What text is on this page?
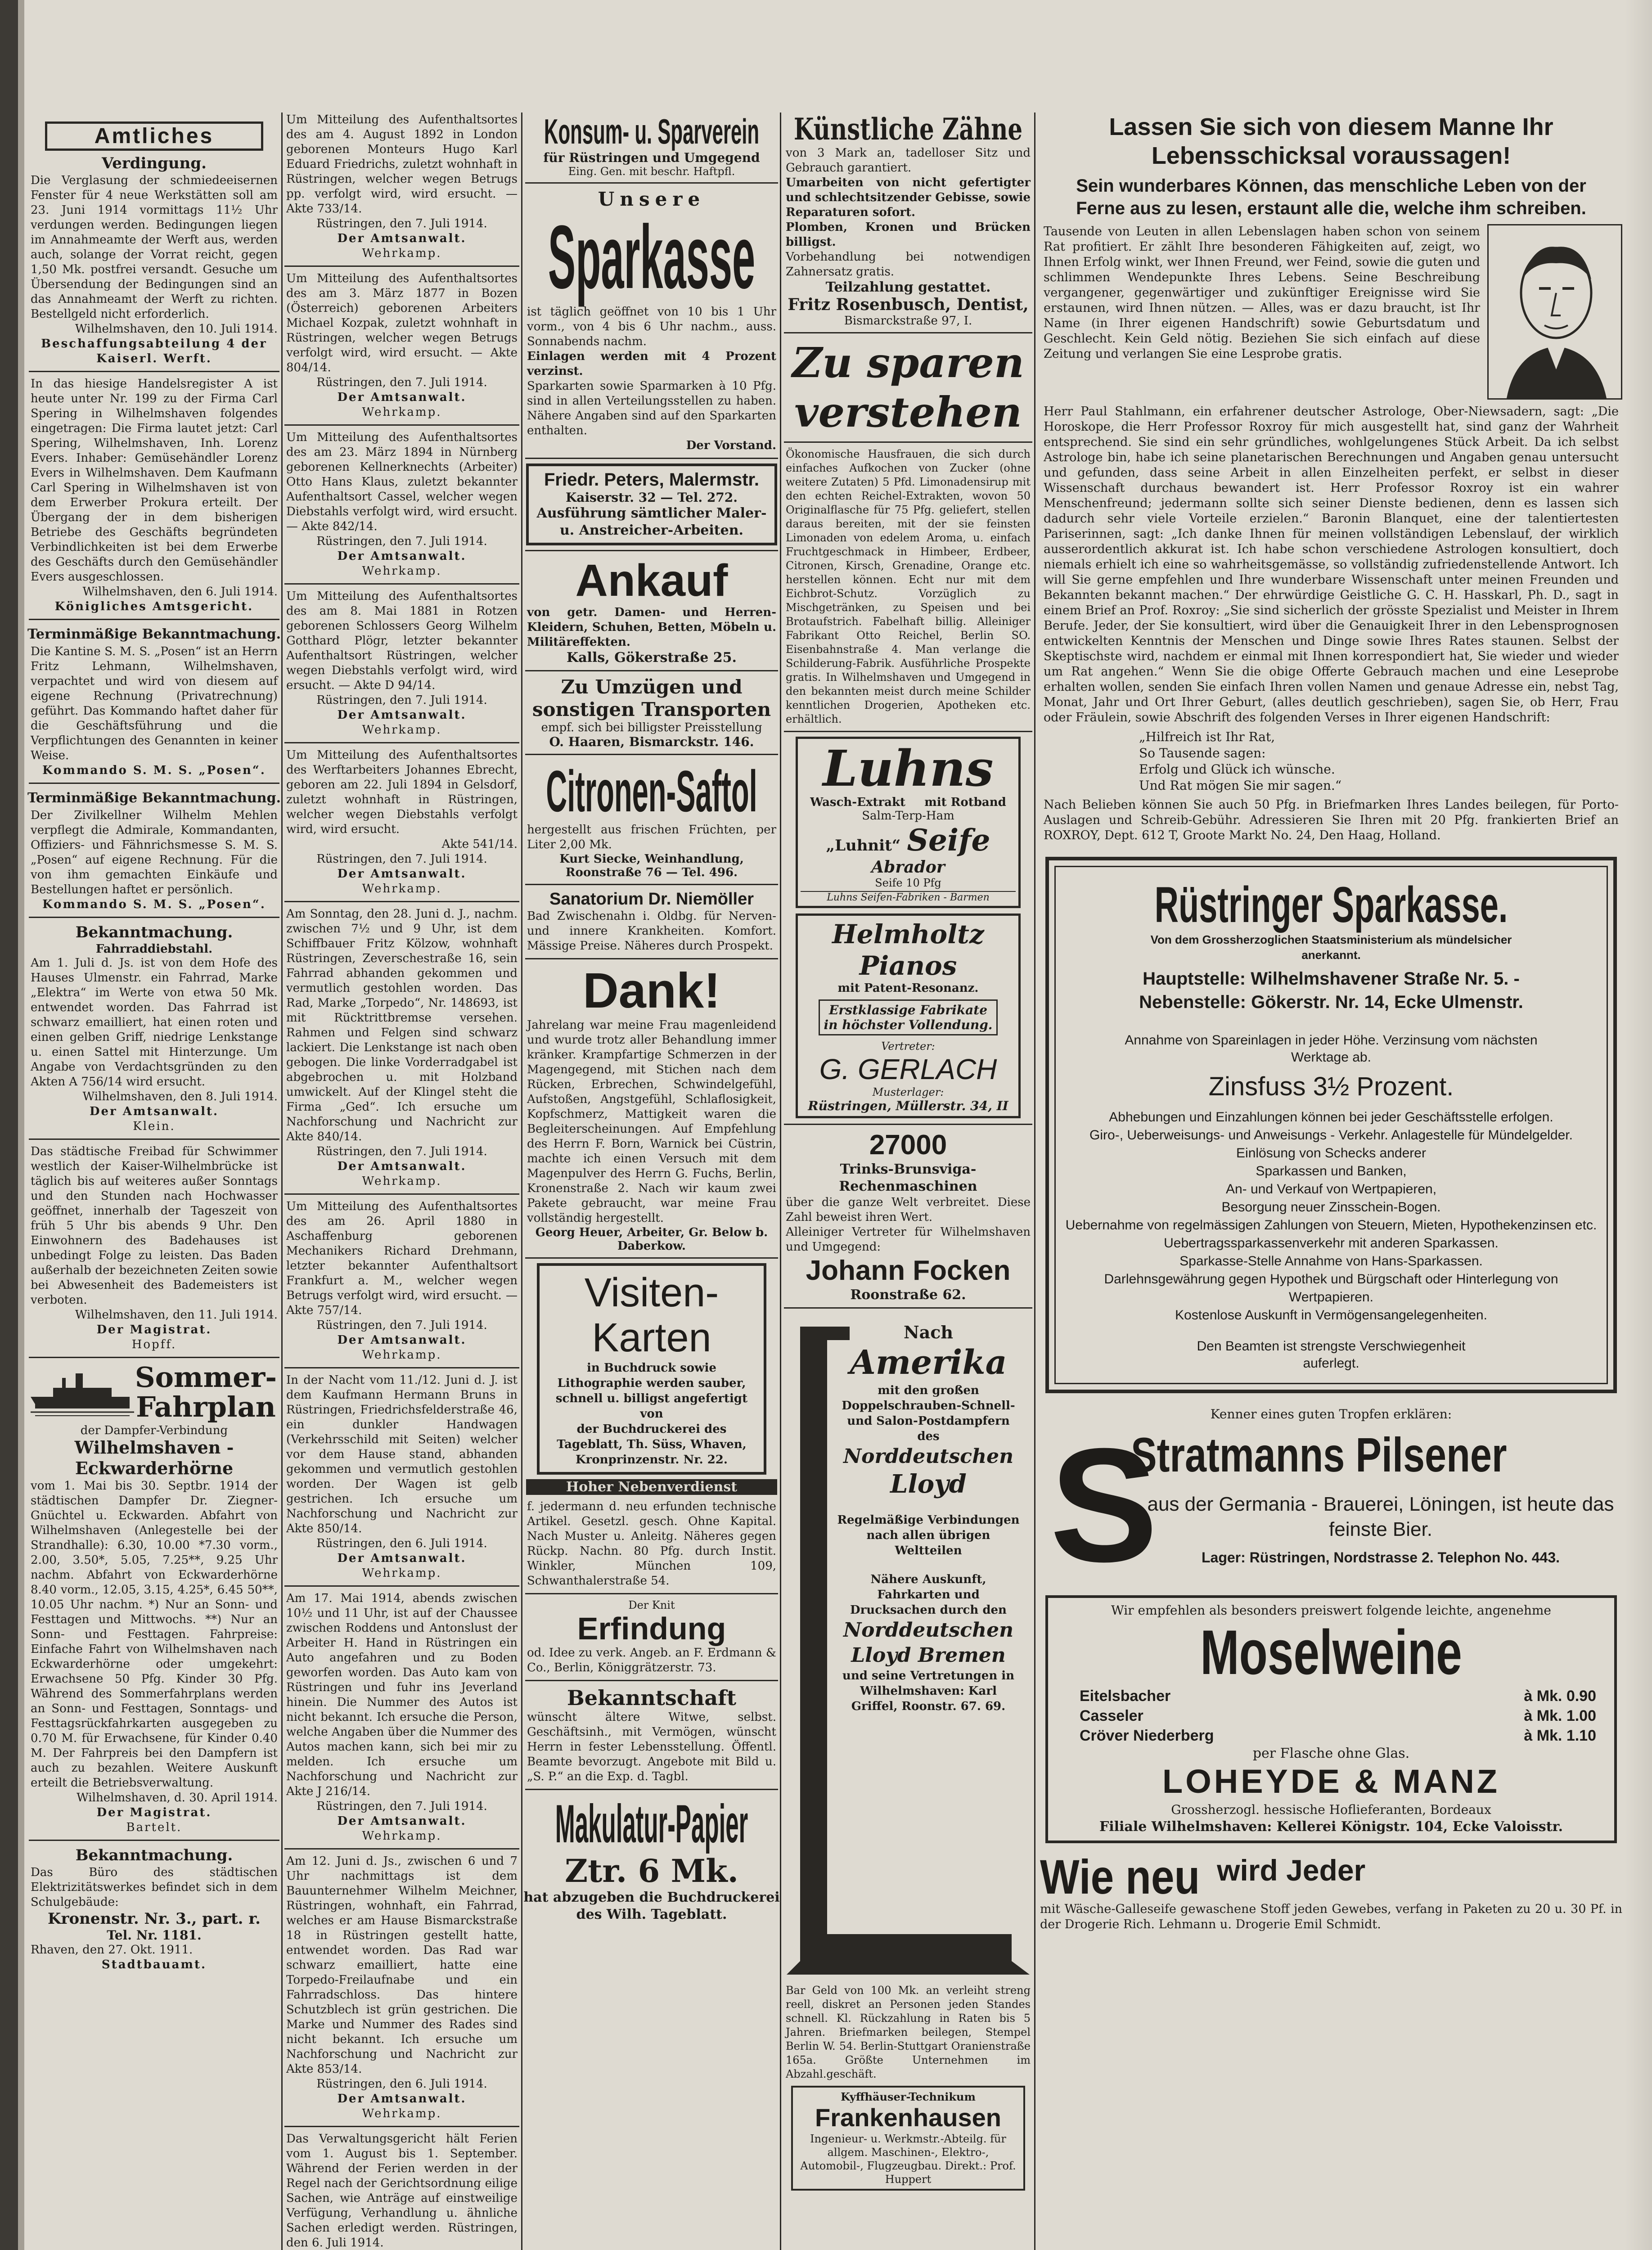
Amtliches
Verdingung.
Die Verglasung der schmiedeeisernen Fenster für 4 neue Werkstätten soll am 23. Juni 1914 vormittags 11½ Uhr verdungen werden. Bedingungen liegen im Annahmeamte der Werft aus, werden auch, solange der Vorrat reicht, gegen 1,50 Mk. postfrei versandt. Gesuche um Übersendung der Bedingungen sind an das Annahmeamt der Werft zu richten. Bestellgeld nicht erforderlich.
Wilhelmshaven, den 10. Juli 1914.
Beschaffungsabteilung 4 der Kaiserl. Werft.
In das hiesige Handelsregister A ist heute unter Nr. 199 zu der Firma Carl Spering in Wilhelmshaven folgendes eingetragen: Die Firma lautet jetzt: Carl Spering, Wilhelmshaven, Inh. Lorenz Evers. Inhaber: Gemüsehändler Lorenz Evers in Wilhelmshaven. Dem Kaufmann Carl Spering in Wilhelmshaven ist von dem Erwerber Prokura erteilt. Der Übergang der in dem bisherigen Betriebe des Geschäfts begründeten Verbindlichkeiten ist bei dem Erwerbe des Geschäfts durch den Gemüsehändler Evers ausgeschlossen.
Wilhelmshaven, den 6. Juli 1914.
Königliches Amtsgericht.
Terminmäßige Bekanntmachung.
Die Kantine S. M. S. „Posen“ ist an Herrn Fritz Lehmann, Wilhelmshaven, verpachtet und wird von diesem auf eigene Rechnung (Privatrechnung) geführt. Das Kommando haftet daher für die Geschäftsführung und die Verpflichtungen des Genannten in keiner Weise.
Kommando S. M. S. „Posen“.
Terminmäßige Bekanntmachung.
Der Zivilkellner Wilhelm Mehlen verpflegt die Admirale, Kommandanten, Offiziers- und Fähnrichsmesse S. M. S. „Posen“ auf eigene Rechnung. Für die von ihm gemachten Einkäufe und Bestellungen haftet er persönlich.
Kommando S. M. S. „Posen“.
Bekanntmachung.
Fahrraddiebstahl.
Am 1. Juli d. Js. ist von dem Hofe des Hauses Ulmenstr. ein Fahrrad, Marke „Elektra“ im Werte von etwa 50 Mk. entwendet worden. Das Fahrrad ist schwarz emailliert, hat einen roten und einen gelben Griff, niedrige Lenkstange u. einen Sattel mit Hinterzunge. Um Angabe von Verdachtsgründen zu den Akten A 756/14 wird ersucht.
Wilhelmshaven, den 8. Juli 1914.
Der Amtsanwalt.
Klein.
Das städtische Freibad für Schwimmer westlich der Kaiser-Wilhelmbrücke ist täglich bis auf weiteres außer Sonntags und den Stunden nach Hochwasser geöffnet, innerhalb der Tageszeit von früh 5 Uhr bis abends 9 Uhr. Den Einwohnern des Badehauses ist unbedingt Folge zu leisten. Das Baden außerhalb der bezeichneten Zeiten sowie bei Abwesenheit des Bademeisters ist verboten.
Wilhelmshaven, den 11. Juli 1914.
Der Magistrat.
Hopff.
Sommer-Fahrplan
der Dampfer-Verbindung
Wilhelmshaven - Eckwarderhörne
vom 1. Mai bis 30. Septbr. 1914 der städtischen Dampfer Dr. Ziegner-Gnüchtel u. Eckwarden. Abfahrt von Wilhelmshaven (Anlegestelle bei der Strandhalle): 6.30, 10.00 *7.30 vorm., 2.00, 3.50*, 5.05, 7.25**, 9.25 Uhr nachm. Abfahrt von Eckwarderhörne 8.40 vorm., 12.05, 3.15, 4.25*, 6.45 50**, 10.05 Uhr nachm. *) Nur an Sonn- und Festtagen und Mittwochs. **) Nur an Sonn- und Festtagen. Fahrpreise: Einfache Fahrt von Wilhelmshaven nach Eckwarderhörne oder umgekehrt: Erwachsene 50 Pfg. Kinder 30 Pfg. Während des Sommerfahrplans werden an Sonn- und Festtagen, Sonntags- und Festtagsrückfahrkarten ausgegeben zu 0.70 M. für Erwachsene, für Kinder 0.40 M. Der Fahrpreis bei den Dampfern ist auch zu bezahlen. Weitere Auskunft erteilt die Betriebsverwaltung.
Wilhelmshaven, d. 30. April 1914.
Der Magistrat.
Bartelt.
Bekanntmachung.
Das Büro des städtischen Elektrizitätswerkes befindet sich in dem Schulgebäude:
Kronenstr. Nr. 3., part. r.
Tel. Nr. 1181.
Rhaven, den 27. Okt. 1911.
Stadtbauamt.
Um Mitteilung des Aufenthaltsortes des am 4. August 1892 in London geborenen Monteurs Hugo Karl Eduard Friedrichs, zuletzt wohnhaft in Rüstringen, welcher wegen Betrugs pp. verfolgt wird, wird ersucht. — Akte 733/14.
Rüstringen, den 7. Juli 1914.
Der Amtsanwalt.
Wehrkamp.
Um Mitteilung des Aufenthaltsortes des am 3. März 1877 in Bozen (Österreich) geborenen Arbeiters Michael Kozpak, zuletzt wohnhaft in Rüstringen, welcher wegen Betrugs verfolgt wird, wird ersucht. — Akte 804/14.
Rüstringen, den 7. Juli 1914.
Der Amtsanwalt.
Wehrkamp.
Um Mitteilung des Aufenthaltsortes des am 23. März 1894 in Nürnberg geborenen Kellnerknechts (Arbeiter) Otto Hans Klaus, zuletzt bekannter Aufenthaltsort Cassel, welcher wegen Diebstahls verfolgt wird, wird ersucht. — Akte 842/14.
Rüstringen, den 7. Juli 1914.
Der Amtsanwalt.
Wehrkamp.
Um Mitteilung des Aufenthaltsortes des am 8. Mai 1881 in Rotzen geborenen Schlossers Georg Wilhelm Gotthard Plögr, letzter bekannter Aufenthaltsort Rüstringen, welcher wegen Diebstahls verfolgt wird, wird ersucht. — Akte D 94/14.
Rüstringen, den 7. Juli 1914.
Der Amtsanwalt.
Wehrkamp.
Um Mitteilung des Aufenthaltsortes des Werftarbeiters Johannes Ebrecht, geboren am 22. Juli 1894 in Gelsdorf, zuletzt wohnhaft in Rüstringen, welcher wegen Diebstahls verfolgt wird, wird ersucht.
Akte 541/14.
Rüstringen, den 7. Juli 1914.
Der Amtsanwalt.
Wehrkamp.
Am Sonntag, den 28. Juni d. J., nachm. zwischen 7½ und 9 Uhr, ist dem Schiffbauer Fritz Kölzow, wohnhaft Rüstringen, Zeverschestraße 16, sein Fahrrad abhanden gekommen und vermutlich gestohlen worden. Das Rad, Marke „Torpedo“, Nr. 148693, ist mit Rücktrittbremse versehen. Rahmen und Felgen sind schwarz lackiert. Die Lenkstange ist nach oben gebogen. Die linke Vorderradgabel ist abgebrochen u. mit Holzband umwickelt. Auf der Klingel steht die Firma „Ged“. Ich ersuche um Nachforschung und Nachricht zur Akte 840/14.
Rüstringen, den 7. Juli 1914.
Der Amtsanwalt.
Wehrkamp.
Um Mitteilung des Aufenthaltsortes des am 26. April 1880 in Aschaffenburg geborenen Mechanikers Richard Drehmann, letzter bekannter Aufenthaltsort Frankfurt a. M., welcher wegen Betrugs verfolgt wird, wird ersucht. — Akte 757/14.
Rüstringen, den 7. Juli 1914.
Der Amtsanwalt.
Wehrkamp.
In der Nacht vom 11./12. Juni d. J. ist dem Kaufmann Hermann Bruns in Rüstringen, Friedrichsfelderstraße 46, ein dunkler Handwagen (Verkehrsschild mit Seiten) welcher vor dem Hause stand, abhanden gekommen und vermutlich gestohlen worden. Der Wagen ist gelb gestrichen. Ich ersuche um Nachforschung und Nachricht zur Akte 850/14.
Rüstringen, den 6. Juli 1914.
Der Amtsanwalt.
Wehrkamp.
Am 17. Mai 1914, abends zwischen 10½ und 11 Uhr, ist auf der Chaussee zwischen Roddens und Antonslust der Arbeiter H. Hand in Rüstringen ein Auto angefahren und zu Boden geworfen worden. Das Auto kam von Rüstringen und fuhr ins Jeverland hinein. Die Nummer des Autos ist nicht bekannt. Ich ersuche die Person, welche Angaben über die Nummer des Autos machen kann, sich bei mir zu melden. Ich ersuche um Nachforschung und Nachricht zur Akte J 216/14.
Rüstringen, den 7. Juli 1914.
Der Amtsanwalt.
Wehrkamp.
Am 12. Juni d. Js., zwischen 6 und 7 Uhr nachmittags ist dem Bauunternehmer Wilhelm Meichner, Rüstringen, wohnhaft, ein Fahrrad, welches er am Hause Bismarckstraße 18 in Rüstringen gestellt hatte, entwendet worden. Das Rad war schwarz emailliert, hatte eine Torpedo-Freilaufnabe und ein Fahrradschloss. Das hintere Schutzblech ist grün gestrichen. Die Marke und Nummer des Rades sind nicht bekannt. Ich ersuche um Nachforschung und Nachricht zur Akte 853/14.
Rüstringen, den 6. Juli 1914.
Der Amtsanwalt.
Wehrkamp.
Das Verwaltungsgericht hält Ferien vom 1. August bis 1. September. Während der Ferien werden in der Regel nach der Gerichtsordnung eilige Sachen, wie Anträge auf einstweilige Verfügung, Verhandlung u. ähnliche Sachen erledigt werden. Rüstringen, den 6. Juli 1914.
Konsum- u. Sparverein
für Rüstringen und Umgegend
Eing. Gen. mit beschr. Haftpfl.
Unsere
Sparkasse
ist täglich geöffnet von 10 bis 1 Uhr vorm., von 4 bis 6 Uhr nachm., auss. Sonnabends nachm.
Einlagen werden mit 4 Prozent verzinst.
Sparkarten sowie Sparmarken à 10 Pfg. sind in allen Verteilungsstellen zu haben. Nähere Angaben sind auf den Sparkarten enthalten.
Der Vorstand.
Friedr. Peters, Malermstr.
Kaiserstr. 32 — Tel. 272.
Ausführung sämtlicher Maler- u. Anstreicher-Arbeiten.
Ankauf
von getr. Damen- und Herren-Kleidern, Schuhen, Betten, Möbeln u. Militäreffekten.
Kalls, Gökerstraße 25.
Zu Umzügen und sonstigen Transporten
empf. sich bei billigster Preisstellung
O. Haaren, Bismarckstr. 146.
Citronen-Saftol
hergestellt aus frischen Früchten, per Liter 2,00 Mk.
Kurt Siecke, Weinhandlung, Roonstraße 76 — Tel. 496.
Sanatorium Dr. Niemöller
Bad Zwischenahn i. Oldbg. für Nerven- und innere Krankheiten. Komfort. Mässige Preise. Näheres durch Prospekt.
Dank!
Jahrelang war meine Frau magenleidend und wurde trotz aller Behandlung immer kränker. Krampfartige Schmerzen in der Magengegend, mit Stichen nach dem Rücken, Erbrechen, Schwindelgefühl, Aufstoßen, Angstgefühl, Schlaflosigkeit, Kopfschmerz, Mattigkeit waren die Begleiterscheinungen. Auf Empfehlung des Herrn F. Born, Warnick bei Cüstrin, machte ich einen Versuch mit dem Magenpulver des Herrn G. Fuchs, Berlin, Kronenstraße 2. Nach wir kaum zwei Pakete gebraucht, war meine Frau vollständig hergestellt.
Georg Heuer, Arbeiter, Gr. Below b. Daberkow.
Visiten-
Karten
in Buchdruck sowie Lithographie werden sauber, schnell u. billigst angefertigt von
der Buchdruckerei des Tageblatt, Th. Süss, Whaven, Kronprinzenstr. Nr. 22.
Hoher Nebenverdienst
f. jedermann d. neu erfunden technische Artikel. Gesetzl. gesch. Ohne Kapital. Nach Muster u. Anleitg. Näheres gegen Rückp. Nachn. 80 Pfg. durch Instit. Winkler, München 109, Schwanthalerstraße 54.
Der Knit
Erfindung
od. Idee zu verk. Angeb. an F. Erdmann & Co., Berlin, Königgrätzerstr. 73.
Bekanntschaft
wünscht ältere Witwe, selbst. Geschäftsinh., mit Vermögen, wünscht Herrn in fester Lebensstellung. Öffentl. Beamte bevorzugt. Angebote mit Bild u. „S. P.“ an die Exp. d. Tagbl.
Makulatur-Papier
Ztr. 6 Mk.
hat abzugeben die Buchdruckerei des Wilh. Tageblatt.
Künstliche Zähne
von 3 Mark an, tadelloser Sitz und Gebrauch garantiert.
Umarbeiten von nicht gefertigter und schlechtsitzender Gebisse, sowie Reparaturen sofort.
Plomben, Kronen und Brücken billigst.
Vorbehandlung bei notwendigen Zahnersatz gratis.
Teilzahlung gestattet.
Fritz Rosenbusch, Dentist,
Bismarckstraße 97, I.
Zu sparen
verstehen
Ökonomische Hausfrauen, die sich durch einfaches Aufkochen von Zucker (ohne weitere Zutaten) 5 Pfd. Limonadensirup mit den echten Reichel-Extrakten, wovon 50 Originalflasche für 75 Pfg. geliefert, stellen daraus bereiten, mit der sie feinsten Limonaden von edelem Aroma, u. einfach Fruchtgeschmack in Himbeer, Erdbeer, Citronen, Kirsch, Grenadine, Orange etc. herstellen können. Echt nur mit dem Eichbrot-Schutz. Vorzüglich zu Mischgetränken, zu Speisen und bei Brotaufstrich. Fabelhaft billig. Alleiniger Fabrikant Otto Reichel, Berlin SO. Eisenbahnstraße 4. Man verlange die Schilderung-Fabrik. Ausführliche Prospekte gratis. In Wilhelmshaven und Umgegend in den bekannten meist durch meine Schilder kenntlichen Drogerien, Apotheken etc. erhältlich.
Luhns
Wasch-Extrakt mit Rotband
Salm-Terp-Ham
„Luhnit“ Seife
Abrador
Seife 10 Pfg
Luhns Seifen-Fabriken - Barmen
Helmholtz Pianos
mit Patent-Resonanz.
Erstklassige Fabrikate in höchster Vollendung.
Vertreter:
G. GERLACH
Musterlager:
Rüstringen, Müllerstr. 34, II
27000
Trinks-Brunsviga-Rechenmaschinen
über die ganze Welt verbreitet. Diese Zahl beweist ihren Wert.
Alleiniger Vertreter für Wilhelmshaven und Umgegend:
Johann Focken
Roonstraße 62.
Nach
Amerika
mit den großen Doppelschrauben-Schnell- und Salon-Postdampfern des
Norddeutschen
Lloyd
Regelmäßige Verbindungen nach allen übrigen Weltteilen
Nähere Auskunft, Fahrkarten und Drucksachen durch den
Norddeutschen Lloyd Bremen
und seine Vertretungen in Wilhelmshaven: Karl Griffel, Roonstr. 67. 69.
Bar Geld von 100 Mk. an verleiht streng reell, diskret an Personen jeden Standes schnell. Kl. Rückzahlung in Raten bis 5 Jahren. Briefmarken beilegen, Stempel Berlin W. 54. Berlin-Stuttgart Oranienstraße 165a. Größte Unternehmen im Abzahl.geschäft.
Kyffhäuser-Technikum
Frankenhausen
Ingenieur- u. Werkmstr.-Abteilg. für allgem. Maschinen-, Elektro-, Automobil-, Flugzeugbau. Direkt.: Prof. Huppert
Lassen Sie sich von diesem Manne Ihr Lebensschicksal voraussagen!
Sein wunderbares Können, das menschliche Leben von der Ferne aus zu lesen, erstaunt alle die, welche ihm schreiben.
Tausende von Leuten in allen Lebenslagen haben schon von seinem Rat profitiert. Er zählt Ihre besonderen Fähigkeiten auf, zeigt, wo Ihnen Erfolg winkt, wer Ihnen Freund, wer Feind, sowie die guten und schlimmen Wendepunkte Ihres Lebens. Seine Beschreibung vergangener, gegenwärtiger und zukünftiger Ereignisse wird Sie erstaunen, wird Ihnen nützen. — Alles, was er dazu braucht, ist Ihr Name (in Ihrer eigenen Handschrift) sowie Geburtsdatum und Geschlecht. Kein Geld nötig. Beziehen Sie sich einfach auf diese Zeitung und verlangen Sie eine Lesprobe gratis.
Herr Paul Stahlmann, ein erfahrener deutscher Astrologe, Ober-Niewsadern, sagt: „Die Horoskope, die Herr Professor Roxroy für mich ausgestellt hat, sind ganz der Wahrheit entsprechend. Sie sind ein sehr gründliches, wohlgelungenes Stück Arbeit. Da ich selbst Astrologe bin, habe ich seine planetarischen Berechnungen und Angaben genau untersucht und gefunden, dass seine Arbeit in allen Einzelheiten perfekt, er selbst in dieser Wissenschaft durchaus bewandert ist. Herr Professor Roxroy ist ein wahrer Menschenfreund; jedermann sollte sich seiner Dienste bedienen, denn es lassen sich dadurch sehr viele Vorteile erzielen.“ Baronin Blanquet, eine der talentiertesten Pariserinnen, sagt: „Ich danke Ihnen für meinen vollständigen Lebenslauf, der wirklich ausserordentlich akkurat ist. Ich habe schon verschiedene Astrologen konsultiert, doch niemals erhielt ich eine so wahrheitsgemässe, so vollständig zufriedenstellende Antwort. Ich will Sie gerne empfehlen und Ihre wunderbare Wissenschaft unter meinen Freunden und Bekannten bekannt machen.“ Der ehrwürdige Geistliche G. C. H. Hasskarl, Ph. D., sagt in einem Brief an Prof. Roxroy: „Sie sind sicherlich der grösste Spezialist und Meister in Ihrem Berufe. Jeder, der Sie konsultiert, wird über die Genauigkeit Ihrer in den Lebensprognosen entwickelten Kenntnis der Menschen und Dinge sowie Ihres Rates staunen. Selbst der Skeptischste wird, nachdem er einmal mit Ihnen korrespondiert hat, Sie wieder und wieder um Rat angehen.“ Wenn Sie die obige Offerte Gebrauch machen und eine Leseprobe erhalten wollen, senden Sie einfach Ihren vollen Namen und genaue Adresse ein, nebst Tag, Monat, Jahr und Ort Ihrer Geburt, (alles deutlich geschrieben), sagen Sie, ob Herr, Frau oder Fräulein, sowie Abschrift des folgenden Verses in Ihrer eigenen Handschrift:
„Hilfreich ist Ihr Rat,
So Tausende sagen:
Erfolg und Glück ich wünsche.
Und Rat mögen Sie mir sagen.“
Nach Belieben können Sie auch 50 Pfg. in Briefmarken Ihres Landes beilegen, für Porto-Auslagen und Schreib-Gebühr. Adressieren Sie Ihren mit 20 Pfg. frankierten Brief an ROXROY, Dept. 612 T, Groote Markt No. 24, Den Haag, Holland.
Rüstringer Sparkasse.
Von dem Grossherzoglichen Staatsministerium als mündelsicher anerkannt.
Hauptstelle: Wilhelmshavener Straße Nr. 5. -
Nebenstelle: Gökerstr. Nr. 14, Ecke Ulmenstr.
Annahme von Spareinlagen in jeder Höhe. Verzinsung vom nächsten Werktage ab.
Zinsfuss 3½ Prozent.
Abhebungen und Einzahlungen können bei jeder Geschäftsstelle erfolgen.
Giro-, Ueberweisungs- und Anweisungs - Verkehr. Anlagestelle für Mündelgelder.
Einlösung von Schecks anderer
Sparkassen und Banken,
An- und Verkauf von Wertpapieren,
Besorgung neuer Zinsschein-Bogen.
Uebernahme von regelmässigen Zahlungen von Steuern, Mieten, Hypothekenzinsen etc.
Uebertragssparkassenverkehr mit anderen Sparkassen.
Sparkasse-Stelle Annahme von Hans-Sparkassen.
Darlehnsgewährung gegen Hypothek und Bürgschaft oder Hinterlegung von Wertpapieren.
Kostenlose Auskunft in Vermögensangelegenheiten.
Den Beamten ist strengste Verschwiegenheit auferlegt.
Kenner eines guten Tropfen erklären:
S
Stratmanns Pilsener
aus der Germania - Brauerei, Löningen, ist heute das feinste Bier.
Lager: Rüstringen, Nordstrasse 2. Telephon No. 443.
Wir empfehlen als besonders preiswert folgende leichte, angenehme
Moselweine
Eitelsbacher	à Mk. 0.90
Casseler	à Mk. 1.00
Cröver Niederberg	à Mk. 1.10
per Flasche ohne Glas.
LOHEYDE & MANZ
Grossherzogl. hessische Hoflieferanten, Bordeaux
Filiale Wilhelmshaven: Kellerei Königstr. 104, Ecke Valoisstr.
Wie neu wird Jeder
mit Wäsche-Galleseife gewaschene Stoff jeden Gewebes, verfang in Paketen zu 20 u. 30 Pf. in der Drogerie Rich. Lehmann u. Drogerie Emil Schmidt.
